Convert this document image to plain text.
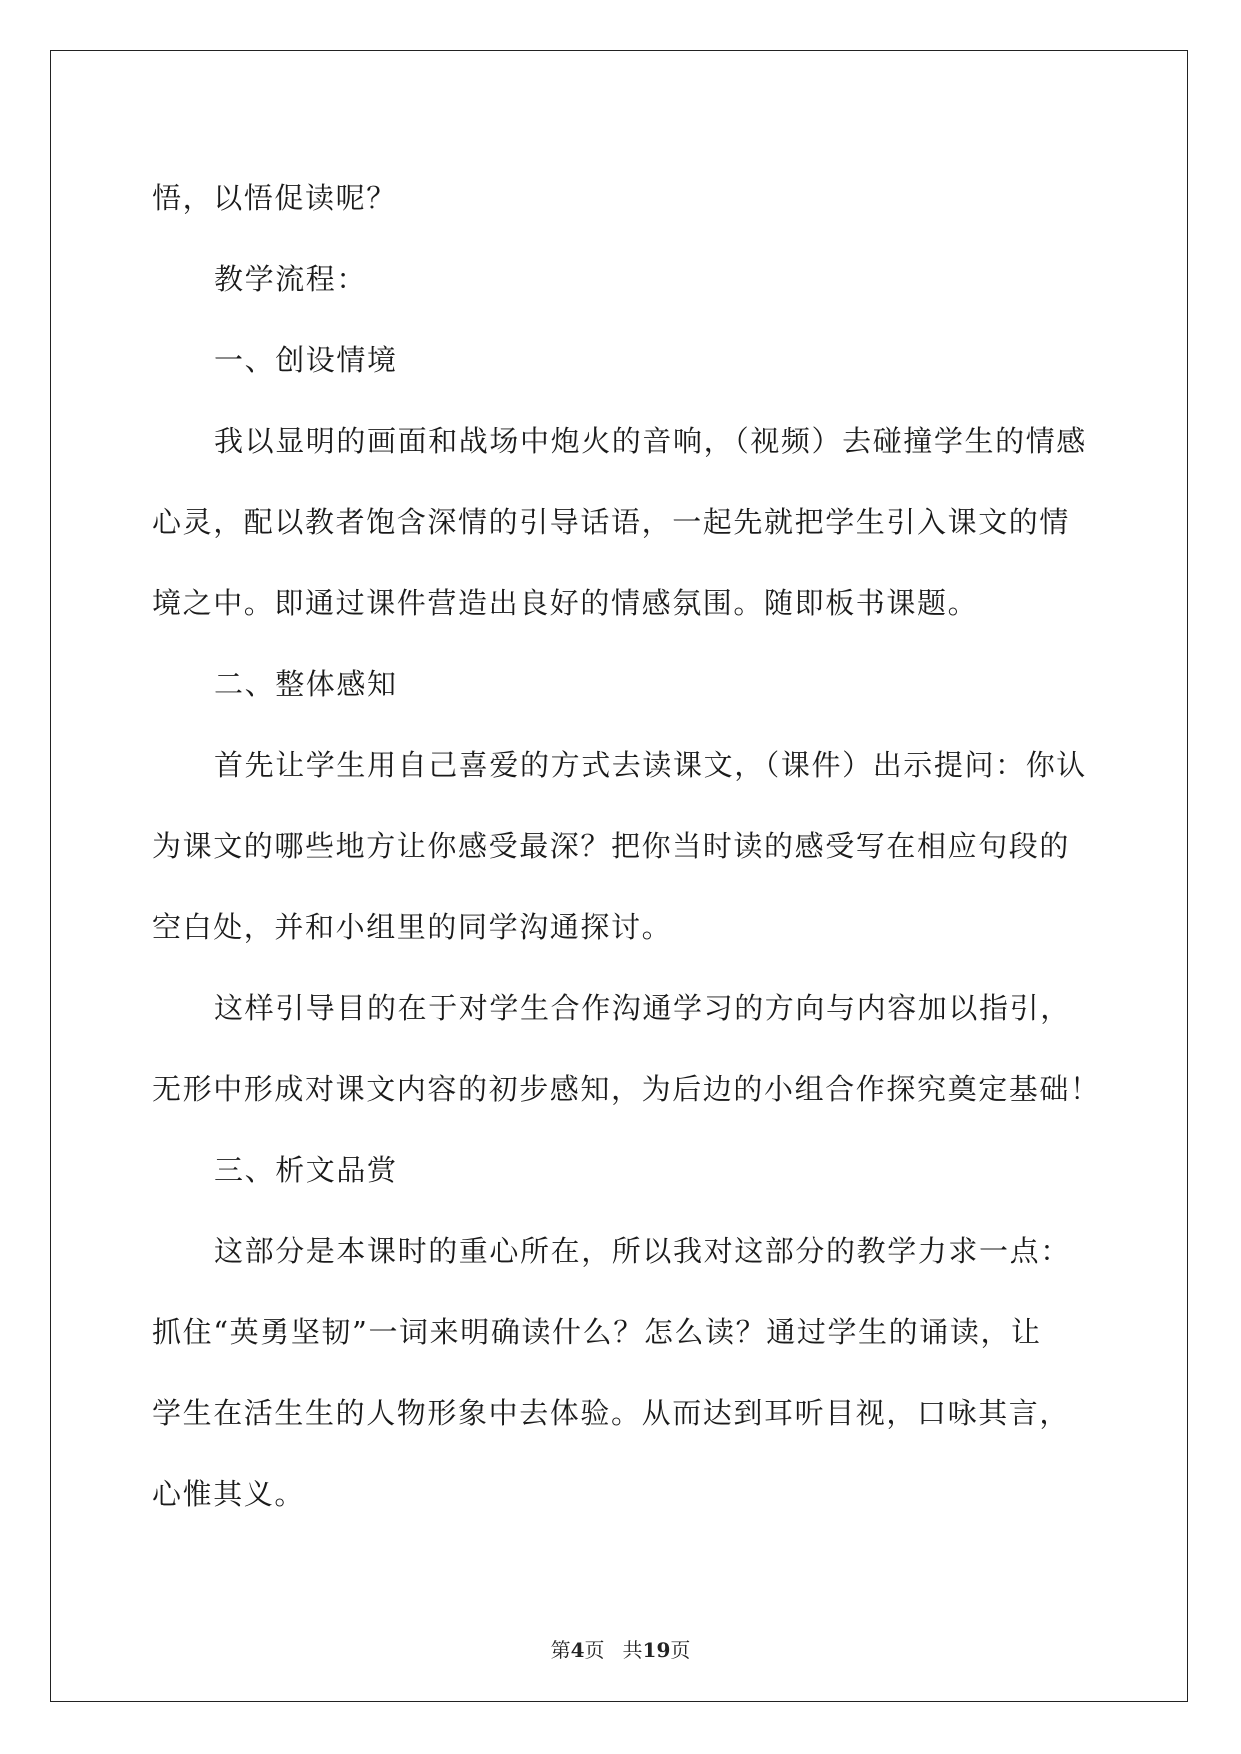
悟，以悟促读呢？
教学流程：
一、创设情境
我以显明的画面和战场中炮火的音响，（视频）去碰撞学生的情感
心灵，配以教者饱含深情的引导话语，一起先就把学生引入课文的情
境之中。即通过课件营造出良好的情感氛围。随即板书课题。
二、整体感知
首先让学生用自己喜爱的方式去读课文，（课件）出示提问：你认
为课文的哪些地方让你感受最深？把你当时读的感受写在相应句段的
空白处，并和小组里的同学沟通探讨。
这样引导目的在于对学生合作沟通学习的方向与内容加以指引，
无形中形成对课文内容的初步感知，为后边的小组合作探究奠定基础！
三、析文品赏
这部分是本课时的重心所在，所以我对这部分的教学力求一点：
抓住“英勇坚韧”一词来明确读什么？怎么读？通过学生的诵读，让
学生在活生生的人物形象中去体验。从而达到耳听目视，口咏其言，
心惟其义。
第4页 共19页
